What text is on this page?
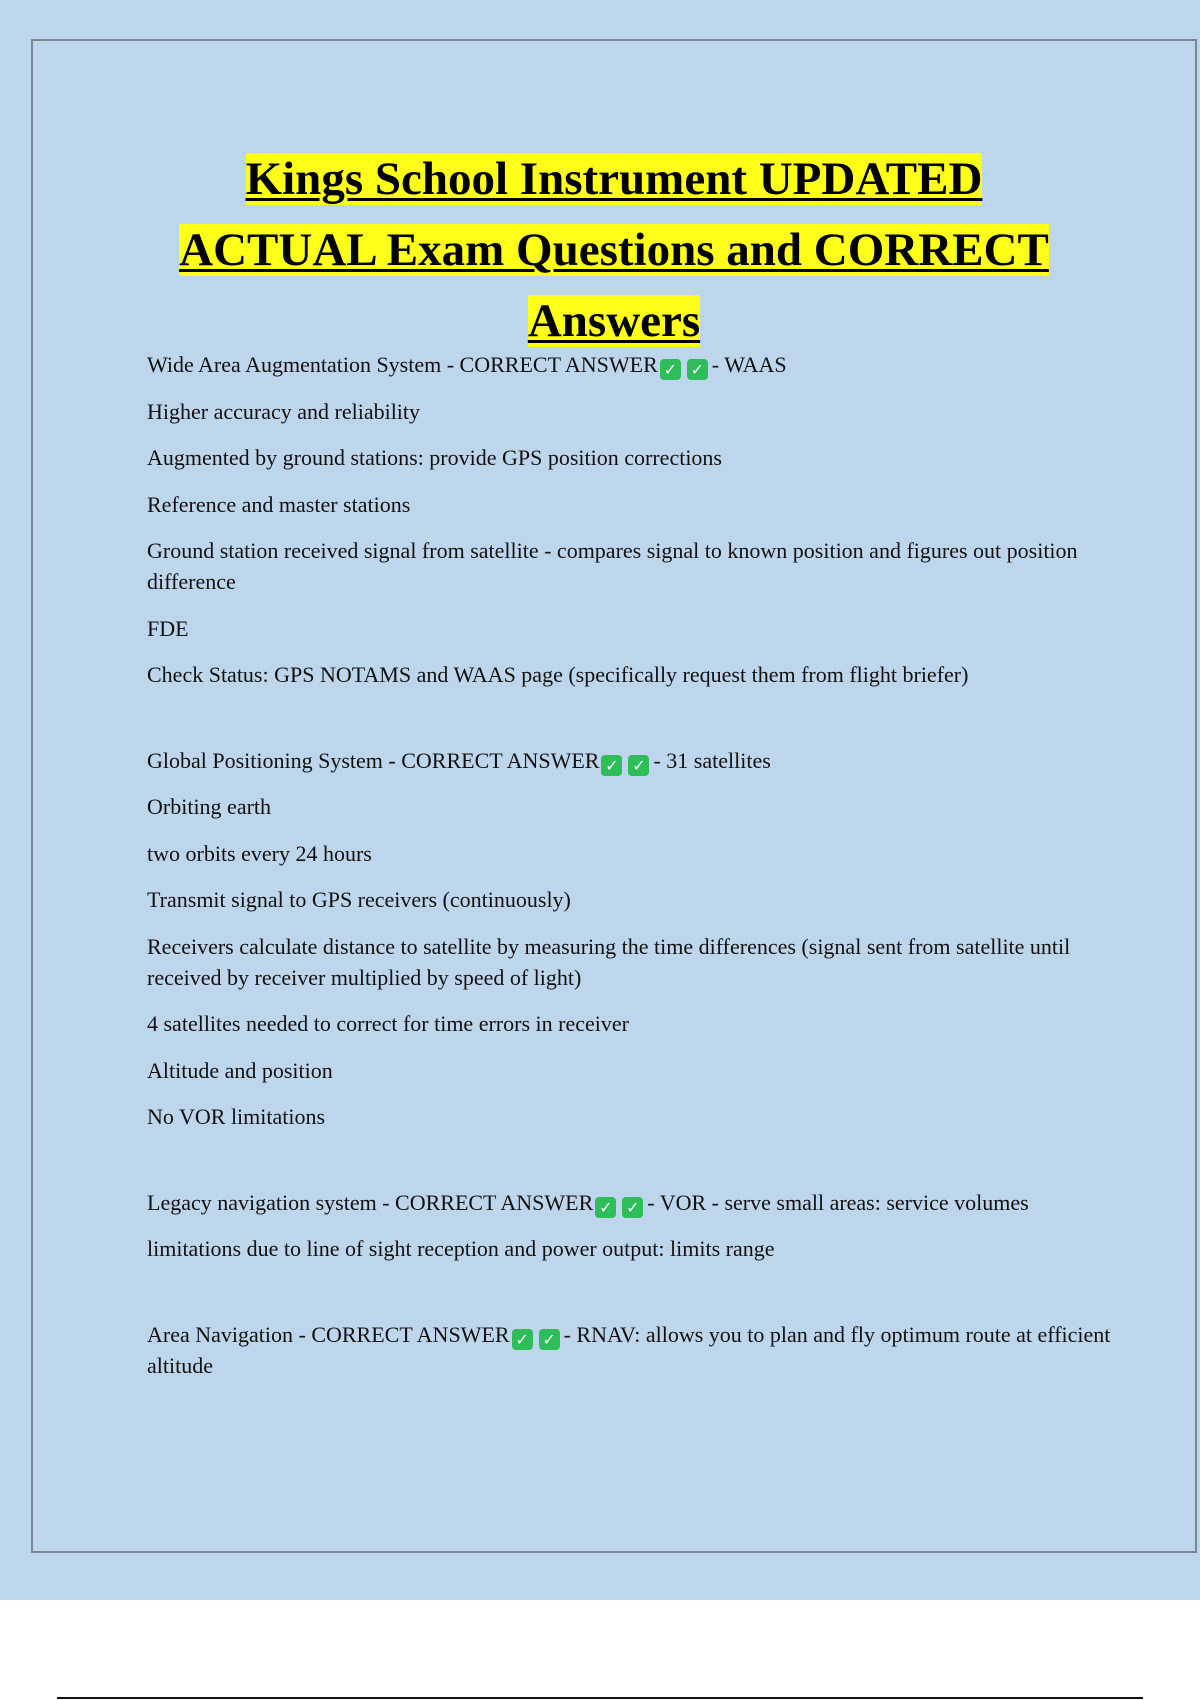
Kings School Instrument UPDATED
ACTUAL Exam Questions and CORRECT
Answers

Wide Area Augmentation System - CORRECT ANSWER ✓ ✓ - WAAS

Higher accuracy and reliability

Augmented by ground stations: provide GPS position corrections

Reference and master stations

Ground station received signal from satellite - compares signal to known position and figures out position difference

FDE

Check Status: GPS NOTAMS and WAAS page (specifically request them from flight briefer)

Global Positioning System - CORRECT ANSWER ✓ ✓ - 31 satellites

Orbiting earth

two orbits every 24 hours

Transmit signal to GPS receivers (continuously)

Receivers calculate distance to satellite by measuring the time differences (signal sent from satellite until received by receiver multiplied by speed of light)

4 satellites needed to correct for time errors in receiver

Altitude and position

No VOR limitations

Legacy navigation system - CORRECT ANSWER ✓ ✓ - VOR - serve small areas: service volumes

limitations due to line of sight reception and power output: limits range

Area Navigation - CORRECT ANSWER ✓ ✓ - RNAV: allows you to plan and fly optimum route at efficient altitude
